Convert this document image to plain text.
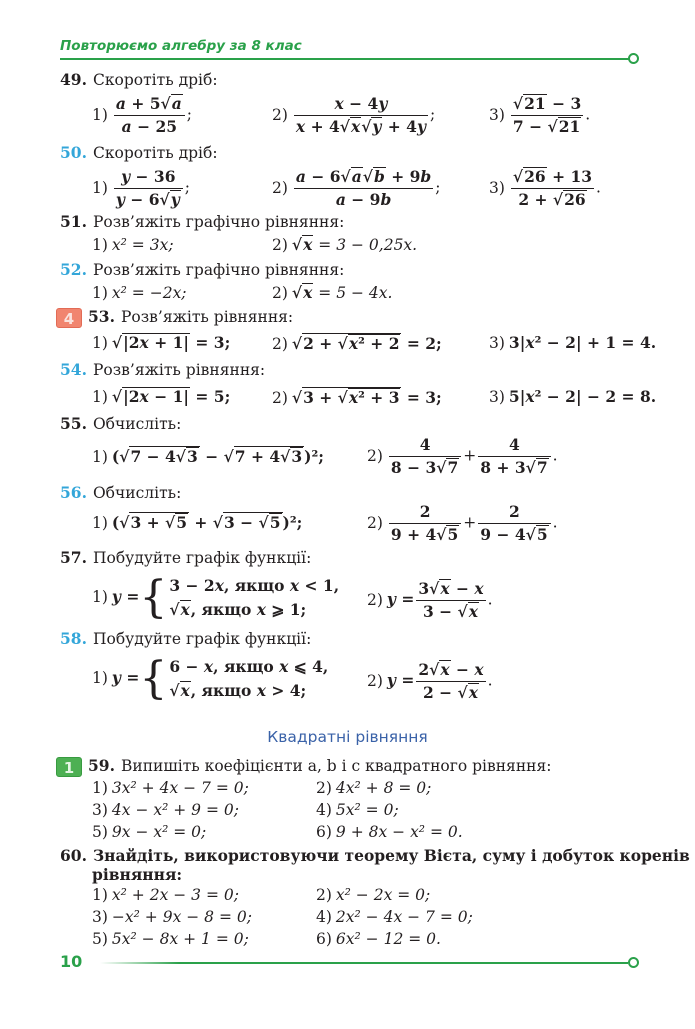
Повторюємо алгебру за 8 клас
49. Скоротіть дріб:
$1) \frac{a + 5√a}{a - 25}$ ;	$2) \frac{x - 4y}{x + 4√x√y + 4y}$ ;	$3) \frac{√21 - 3}{7 - √21}$ .
50. Скоротіть дріб:
$1) \frac{y - 36}{y - 6√y}$ ;	$2) \frac{a - 6√a√b + 9b}{a - 9b}$ ;	$3) \frac{√26 + 13}{2 + √26}$ .
51. Розв’яжіть графічно рівняння:
1) x² = 3x;	2) √x = 3 − 0,25x.
52. Розв’яжіть графічно рівняння:
1) x² = −2x;	2) √x = 5 − 4x.
4 53. Розв’яжіть рівняння:
1) √|2x + 1| = 3;	2) √2 + √x² + 2 = 2;	3) 3|x² − 2| + 1 = 4.
54. Розв’яжіть рівняння:
1) √|2x − 1| = 5;	2) √3 + √x² + 3 = 3;	3) 5|x² − 2| − 2 = 8.
55. Обчисліть:
1) (√7 − 4√3 − √7 + 4√3 )²;	$2) \frac{4}{8 - 3√7} + \frac{4}{8 + 3√7}$ .
56. Обчисліть:
1) (√3 + √5 + √3 − √5 )²;	$2) \frac{2}{9 + 4√5} + \frac{2}{9 - 4√5}$ .
57. Побудуйте графік функції:
1) y ={ 3 − 2x, якщо x < 1,
√x, якщо x ⩾ 1;
2) $y = \frac{3√x - x}{3 - √x}$ .
58. Побудуйте графік функції:
1) y ={ 6 − x, якщо x ⩽ 4,
√x, якщо x > 4;
2) $y = \frac{2√x - x}{2 - √x}$ .
Квадратні рівняння
1 59. Випишіть коефіцієнти a, b і c квадратного рівняння:
1) 3x² + 4x − 7 = 0;	2) 4x² + 8 = 0;
3) 4x − x² + 9 = 0;	4) 5x² = 0;
5) 9x − x² = 0;	6) 9 + 8x − x² = 0.
60. Знайдіть, використовуючи теорему Вієта, суму і добуток коренів
рівняння:
1) x² + 2x − 3 = 0;	2) x² − 2x = 0;
3) −x² + 9x − 8 = 0;	4) 2x² − 4x − 7 = 0;
5) 5x² − 8x + 1 = 0;	6) 6x² − 12 = 0.
10
